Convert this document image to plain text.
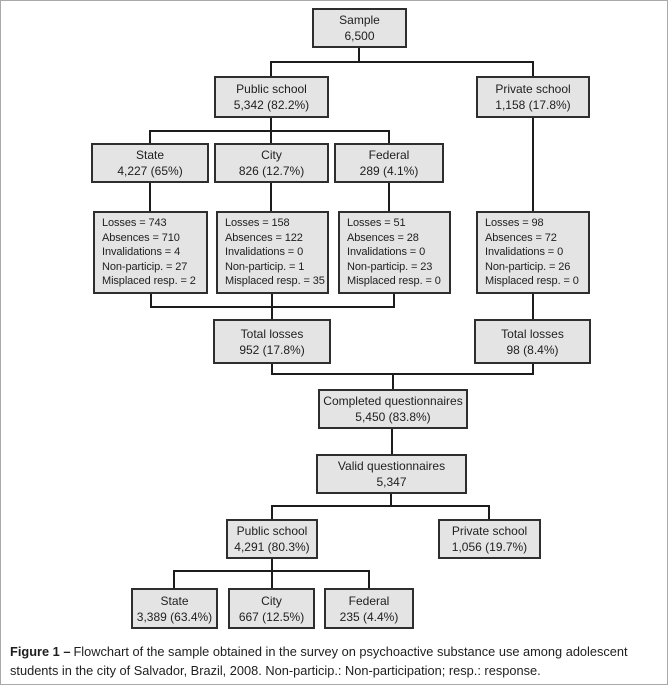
Sample
6,500
Public school
5,342 (82.2%)
Private school
1,158 (17.8%)
State
4,227 (65%)
City
826 (12.7%)
Federal
289 (4.1%)
Losses = 743
Absences = 710
Invalidations = 4
Non-particip. = 27
Misplaced resp. = 2
Losses = 158
Absences = 122
Invalidations = 0
Non-particip. = 1
Misplaced resp. = 35
Losses = 51
Absences = 28
Invalidations = 0
Non-particip. = 23
Misplaced resp. = 0
Losses = 98
Absences = 72
Invalidations = 0
Non-particip. = 26
Misplaced resp. = 0
Total losses
952 (17.8%)
Total losses
98 (8.4%)
Completed questionnaires
5,450 (83.8%)
Valid questionnaires
5,347
Public school
4,291 (80.3%)
Private school
1,056 (19.7%)
State
3,389 (63.4%)
City
667 (12.5%)
Federal
235 (4.4%)
Figure 1 – Flowchart of the sample obtained in the survey on psychoactive substance use among adolescent students in the city of Salvador, Brazil, 2008. Non-particip.: Non-participation; resp.: response.
